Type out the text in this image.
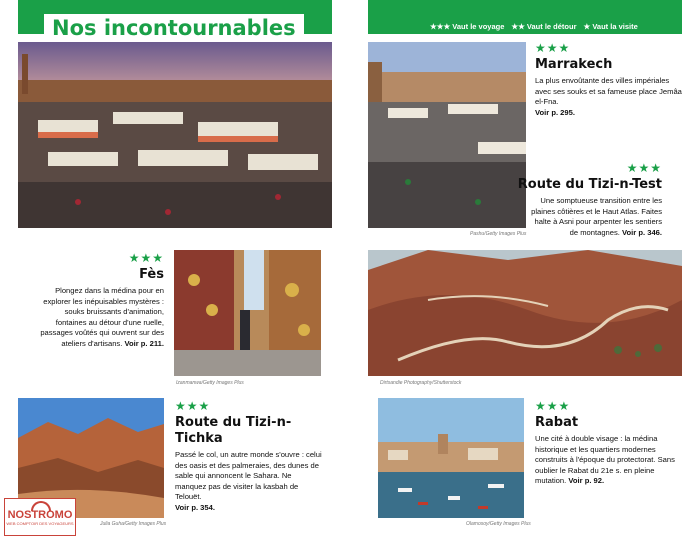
Nos incontournables	★★★ Vaut le voyage ★★ Vaut le détour ★ Vaut la visite	7
Pashu/Getty Images Plus
★★★
Marrakech

La plus envoûtante des villes impériales avec ses souks et sa fameuse place Jemâa el-Fna.
Voir p. 295.

★★★
Route du Tizi-n-Test

Une somptueuse transition entre les plaines côtières et le Haut Atlas. Faites halte à Asni pour arpenter les sentiers de montagnes. Voir p. 346.

★★★
Fès

Plongez dans la médina pour en explorer les inépuisables mystères : souks bruissants d'animation, fontaines au détour d'une ruelle, passages voûtés qui ouvrent sur des ateliers d'artisans. Voir p. 211.

Izanmanwa/Getty Images Plus	Dirtsandie Photography/Shutterstock
Julia Guha/Getty Images Plus
★★★
Route du Tizi-n-Tichka

Passé le col, un autre monde s'ouvre : celui des oasis et des palmeraies, des dunes de sable qui annoncent le Sahara. Ne manquez pas de visiter la kasbah de Telouët.
Voir p. 354.

Olamosoy/Getty Images Plus
★★★
Rabat

Une cité à double visage : la médina historique et les quartiers modernes construits à l'époque du protectorat. Sans oublier le Rabat du 21e s. en pleine mutation. Voir p. 92.

NOSTROMO
WEB COMPTOIR DES VOYAGEURS
